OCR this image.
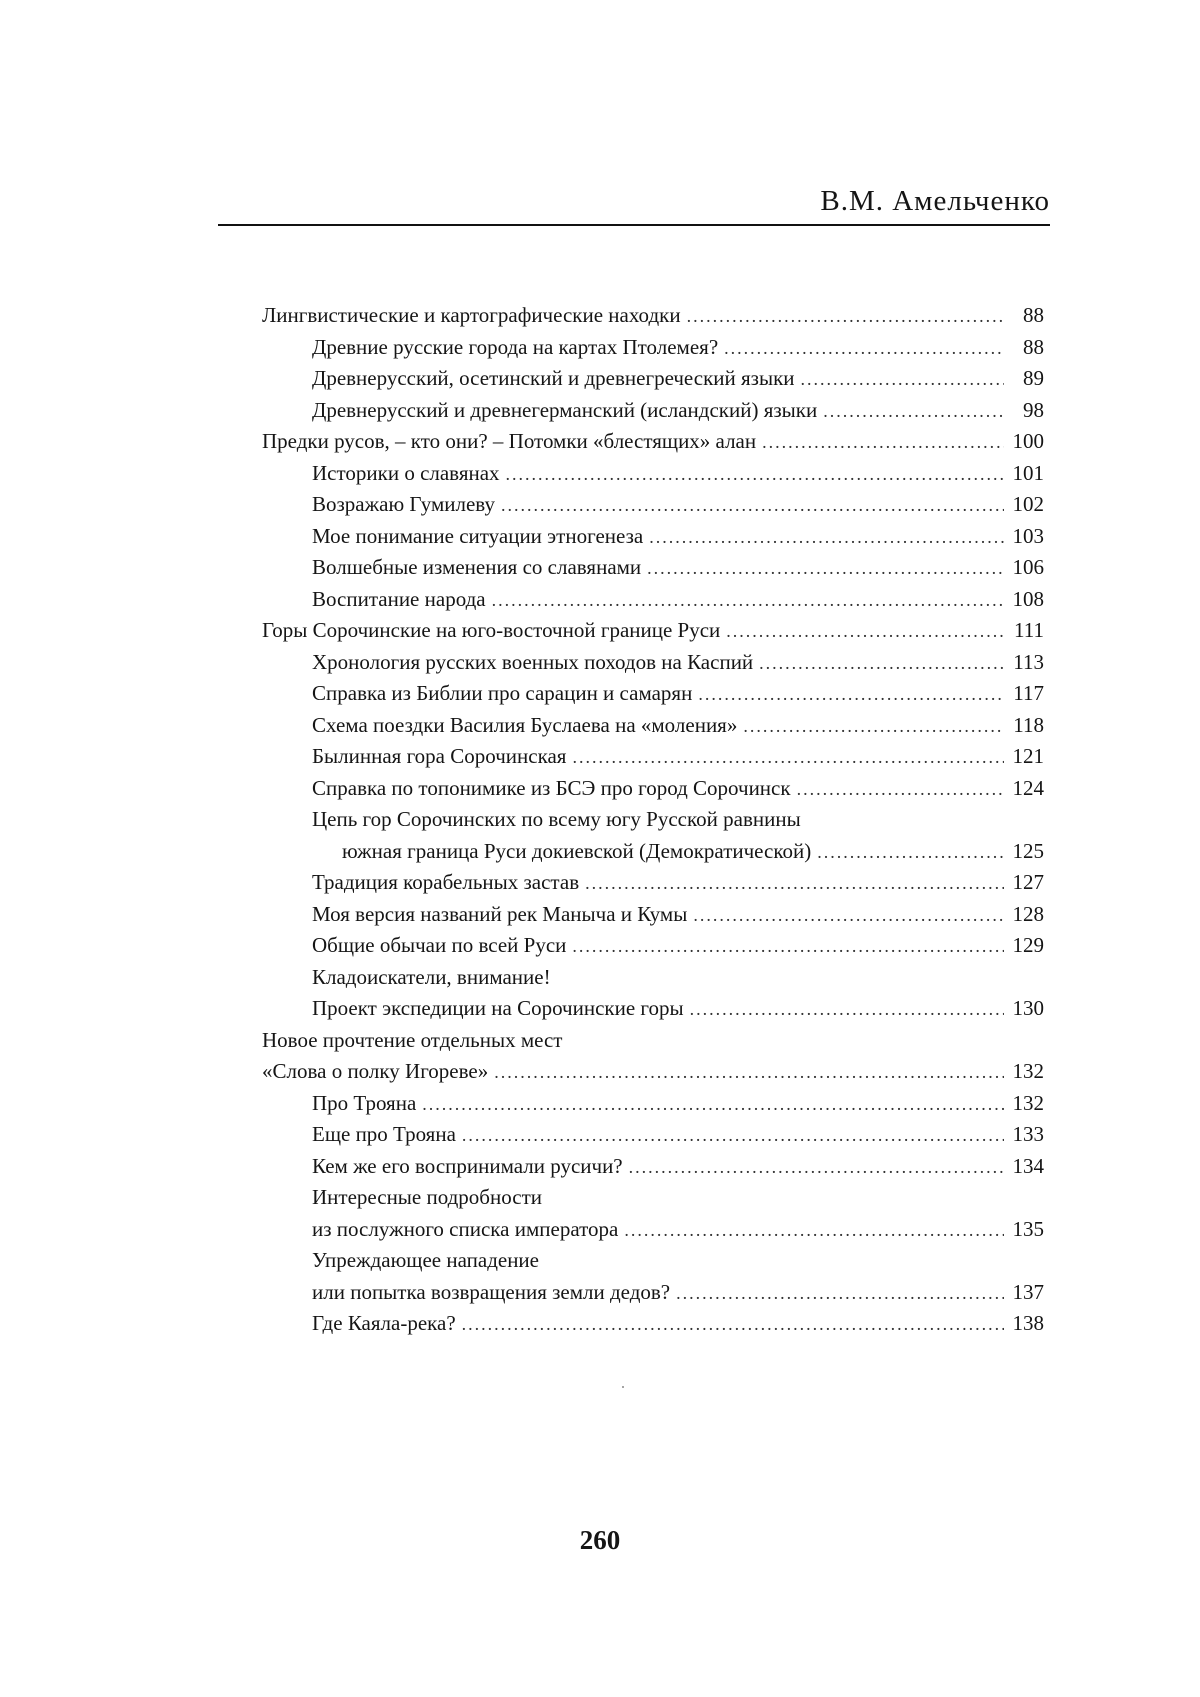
В.М. Амельченко
Лингвистические и картографические находки .....	88
Древние русские города на картах Птолемея? .....	88
Древнерусский, осетинский и древнегреческий языки .....	89
Древнерусский и древнегерманский (исландский) языки .....	98
Предки русов, – кто они? – Потомки «блестящих» алан .....	100
Историки о славянах .....	101
Возражаю Гумилеву .....	102
Мое понимание ситуации этногенеза .....	103
Волшебные изменения со славянами .....	106
Воспитание народа .....	108
Горы Сорочинские на юго-восточной границе Руси .....	111
Хронология русских военных походов на Каспий .....	113
Справка из Библии про сарацин и самарян .....	117
Схема поездки Василия Буслаева на «моления» .....	118
Былинная гора Сорочинская .....	121
Справка по топонимике из БСЭ про город Сорочинск .....	124
Цепь гор Сорочинских по всему югу Русской равнины
южная граница Руси докиевской (Демократической) .....	125
Традиция корабельных застав .....	127
Моя версия названий рек Маныча и Кумы .....	128
Общие обычаи по всей Руси .....	129
Кладоискатели, внимание!
Проект экспедиции на Сорочинские горы .....	130
Новое прочтение отдельных мест
«Слова о полку Игореве» .....	132
Про Трояна .....	132
Еще про Трояна .....	133
Кем же его воспринимали русичи? .....	134
Интересные подробности
из послужного списка императора .....	135
Упреждающее нападение
или попытка возвращения земли дедов? .....	137
Где Каяла-река? .....	138
260
